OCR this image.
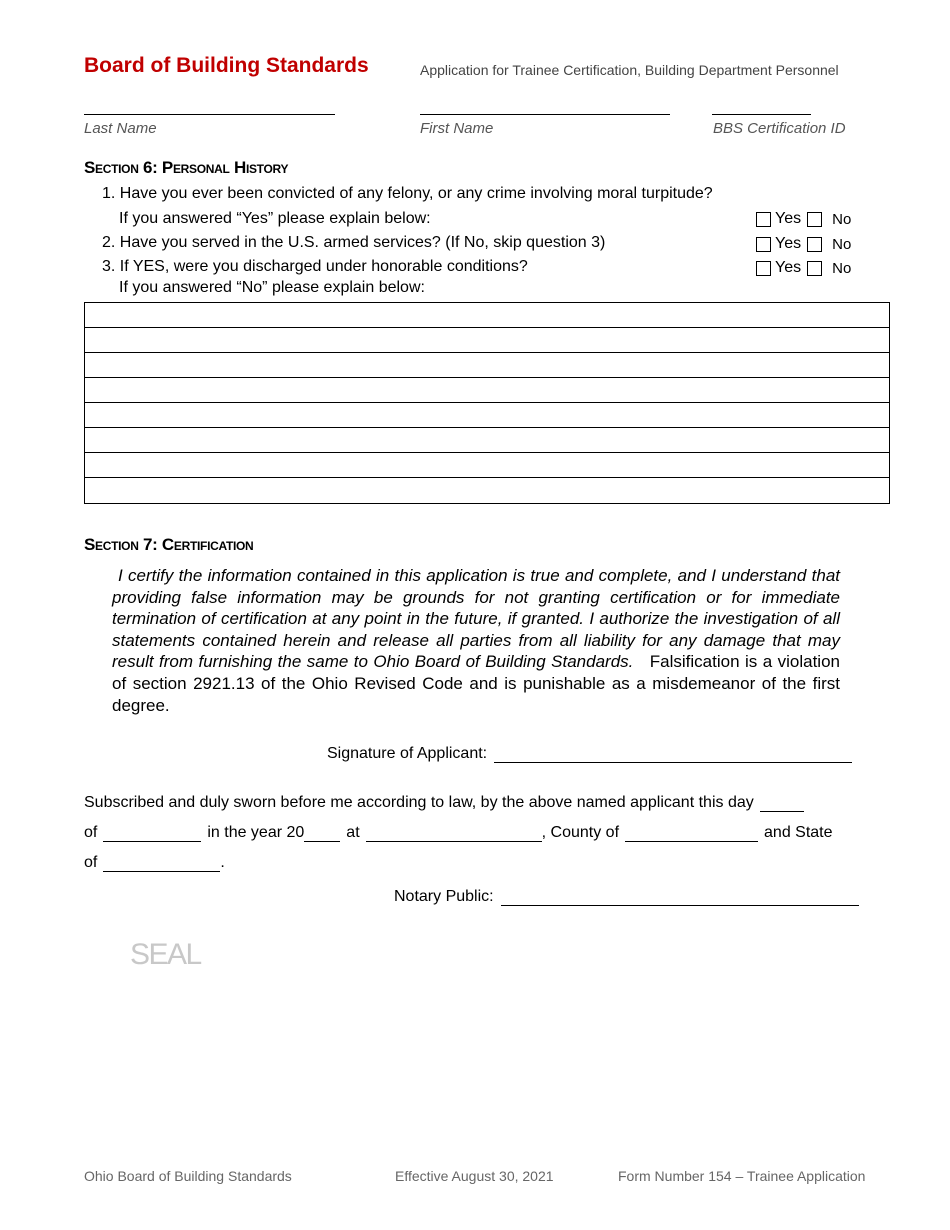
Board of Building Standards	Application for Trainee Certification, Building Department Personnel
Last Name	First Name	BBS Certification ID
Section 6: Personal History
1. Have you ever been convicted of any felony, or any crime involving moral turpitude?
If you answered “Yes” please explain below:	Yes No
2. Have you served in the U.S. armed services? (If No, skip question 3)	Yes No
3. If YES, were you discharged under honorable conditions?	Yes No
If you answered “No” please explain below:
Section 7: Certification
I certify the information contained in this application is true and complete, and I understand that providing false information may be grounds for not granting certification or for immediate termination of certification at any point in the future, if granted. I authorize the investigation of all statements contained herein and release all parties from all liability for any damage that may result from furnishing the same to Ohio Board of Building Standards. Falsification is a violation of section 2921.13 of the Ohio Revised Code and is punishable as a misdemeanor of the first degree.
Signature of Applicant:
Subscribed and duly sworn before me according to law, by the above named applicant this day
of	in the year 20	at	, County of	and State
of	.
Notary Public:
SEAL
Ohio Board of Building Standards	Effective August 30, 2021	Form Number 154 – Trainee Application
